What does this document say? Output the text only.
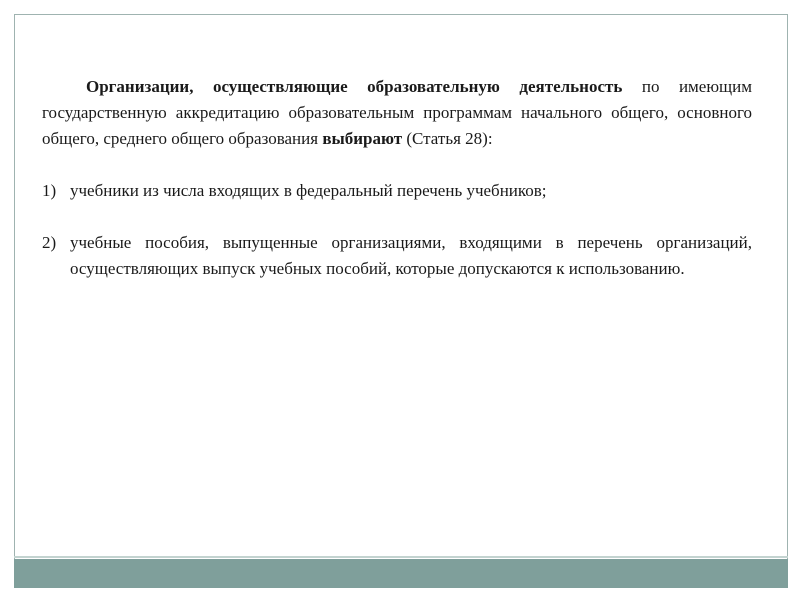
Организации, осуществляющие образовательную деятельность по имеющим государственную аккредитацию образовательным программам начального общего, основного общего, среднего общего образования выбирают (Статья 28):

1) учебники из числа входящих в федеральный перечень учебников;
2) учебные пособия, выпущенные организациями, входящими в перечень организаций, осуществляющих выпуск учебных пособий, которые допускаются к использованию.
